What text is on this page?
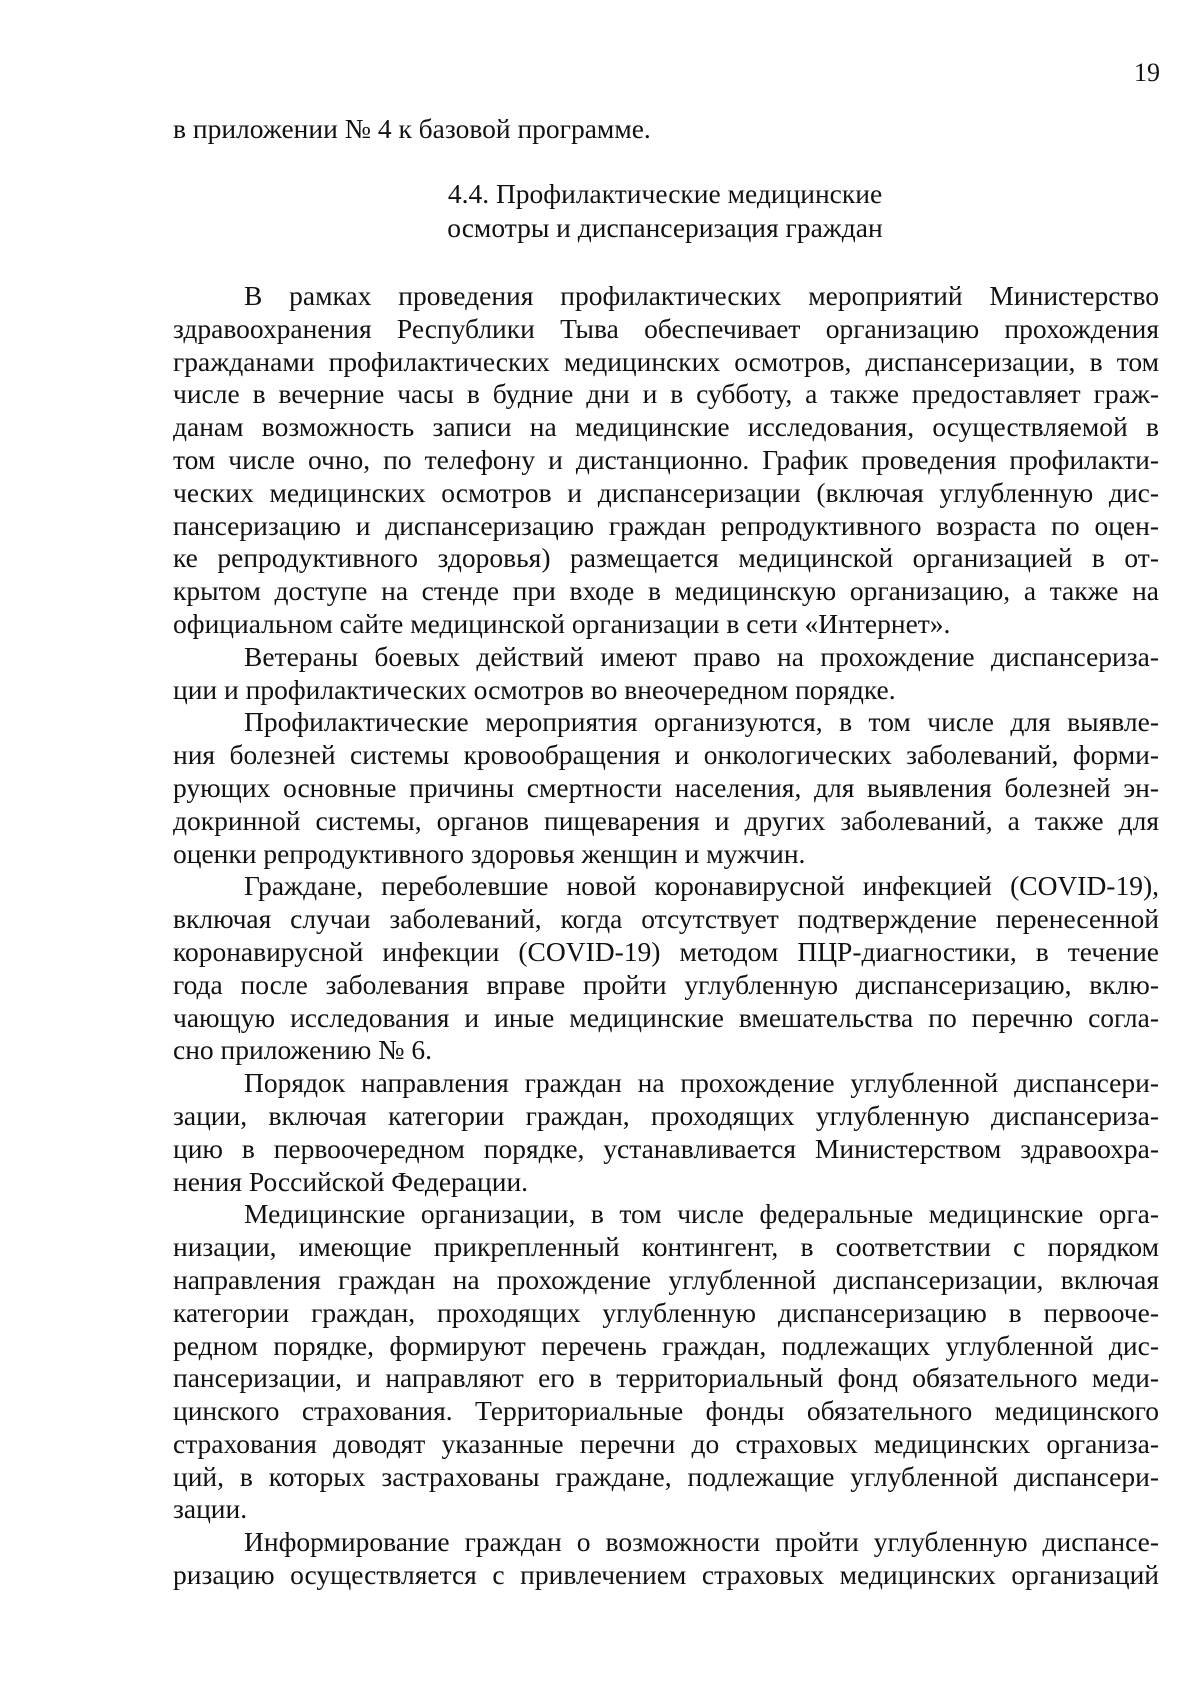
19
в приложении № 4 к базовой программе.
4.4. Профилактические медицинские
осмотры и диспансеризация граждан
В рамках проведения профилактических мероприятий Министерство
здравоохранения Республики Тыва обеспечивает организацию прохождения
гражданами профилактических медицинских осмотров, диспансеризации, в том
числе в вечерние часы в будние дни и в субботу, а также предоставляет граж-
данам возможность записи на медицинские исследования, осуществляемой в
том числе очно, по телефону и дистанционно. График проведения профилакти-
ческих медицинских осмотров и диспансеризации (включая углубленную дис-
пансеризацию и диспансеризацию граждан репродуктивного возраста по оцен-
ке репродуктивного здоровья) размещается медицинской организацией в от-
крытом доступе на стенде при входе в медицинскую организацию, а также на
официальном сайте медицинской организации в сети «Интернет».
Ветераны боевых действий имеют право на прохождение диспансериза-
ции и профилактических осмотров во внеочередном порядке.
Профилактические мероприятия организуются, в том числе для выявле-
ния болезней системы кровообращения и онкологических заболеваний, форми-
рующих основные причины смертности населения, для выявления болезней эн-
докринной системы, органов пищеварения и других заболеваний, а также для
оценки репродуктивного здоровья женщин и мужчин.
Граждане, переболевшие новой коронавирусной инфекцией (COVID-19),
включая случаи заболеваний, когда отсутствует подтверждение перенесенной
коронавирусной инфекции (COVID-19) методом ПЦР-диагностики, в течение
года после заболевания вправе пройти углубленную диспансеризацию, вклю-
чающую исследования и иные медицинские вмешательства по перечню согла-
сно приложению № 6.
Порядок направления граждан на прохождение углубленной диспансери-
зации, включая категории граждан, проходящих углубленную диспансериза-
цию в первоочередном порядке, устанавливается Министерством здравоохра-
нения Российской Федерации.
Медицинские организации, в том числе федеральные медицинские орга-
низации, имеющие прикрепленный контингент, в соответствии с порядком
направления граждан на прохождение углубленной диспансеризации, включая
категории граждан, проходящих углубленную диспансеризацию в первооче-
редном порядке, формируют перечень граждан, подлежащих углубленной дис-
пансеризации, и направляют его в территориальный фонд обязательного меди-
цинского страхования. Территориальные фонды обязательного медицинского
страхования доводят указанные перечни до страховых медицинских организа-
ций, в которых застрахованы граждане, подлежащие углубленной диспансери-
зации.
Информирование граждан о возможности пройти углубленную диспансе-
ризацию осуществляется с привлечением страховых медицинских организаций
